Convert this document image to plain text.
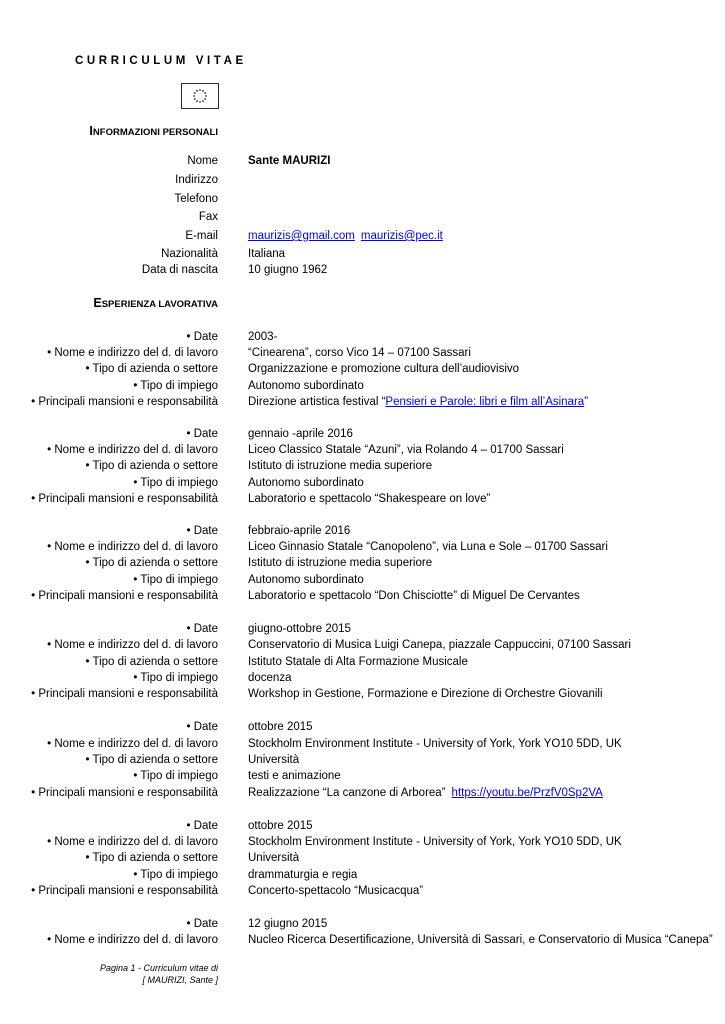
CURRICULUM VITAE
INFORMAZIONI PERSONALI
Nome	Sante MAURIZI
Indirizzo
Telefono
Fax
E-mail	maurizis@gmail.com maurizis@pec.it
Nazionalità	Italiana
Data di nascita	10 giugno 1962
ESPERIENZA LAVORATIVA
• Date	2003-
• Nome e indirizzo del d. di lavoro	“Cinearena”, corso Vico 14 – 07100 Sassari
• Tipo di azienda o settore	Organizzazione e promozione cultura dell’audiovisivo
• Tipo di impiego	Autonomo subordinato
• Principali mansioni e responsabilità	Direzione artistica festival “Pensieri e Parole: libri e film all’Asinara”
• Date	gennaio -aprile 2016
• Nome e indirizzo del d. di lavoro	Liceo Classico Statale “Azuni”, via Rolando 4 – 01700 Sassari
• Tipo di azienda o settore	Istituto di istruzione media superiore
• Tipo di impiego	Autonomo subordinato
• Principali mansioni e responsabilità	Laboratorio e spettacolo “Shakespeare on love”
• Date	febbraio-aprile 2016
• Nome e indirizzo del d. di lavoro	Liceo Ginnasio Statale “Canopoleno”, via Luna e Sole – 01700 Sassari
• Tipo di azienda o settore	Istituto di istruzione media superiore
• Tipo di impiego	Autonomo subordinato
• Principali mansioni e responsabilità	Laboratorio e spettacolo “Don Chisciotte” di Miguel De Cervantes
• Date	giugno-ottobre 2015
• Nome e indirizzo del d. di lavoro	Conservatorio di Musica Luigi Canepa, piazzale Cappuccini, 07100 Sassari
• Tipo di azienda o settore	Istituto Statale di Alta Formazione Musicale
• Tipo di impiego	docenza
• Principali mansioni e responsabilità	Workshop in Gestione, Formazione e Direzione di Orchestre Giovanili
• Date	ottobre 2015
• Nome e indirizzo del d. di lavoro	Stockholm Environment Institute - University of York, York YO10 5DD, UK
• Tipo di azienda o settore	Università
• Tipo di impiego	testi e animazione
• Principali mansioni e responsabilità	Realizzazione “La canzone di Arborea” https://youtu.be/PrzfV0Sp2VA
• Date	ottobre 2015
• Nome e indirizzo del d. di lavoro	Stockholm Environment Institute - University of York, York YO10 5DD, UK
• Tipo di azienda o settore	Università
• Tipo di impiego	drammaturgia e regia
• Principali mansioni e responsabilità	Concerto-spettacolo “Musicacqua”
• Date	12 giugno 2015
• Nome e indirizzo del d. di lavoro	Nucleo Ricerca Desertificazione, Università di Sassari, e Conservatorio di Musica “Canepa”
Pagina 1 - Curriculum vitae di
[ MAURIZI, Sante ]
